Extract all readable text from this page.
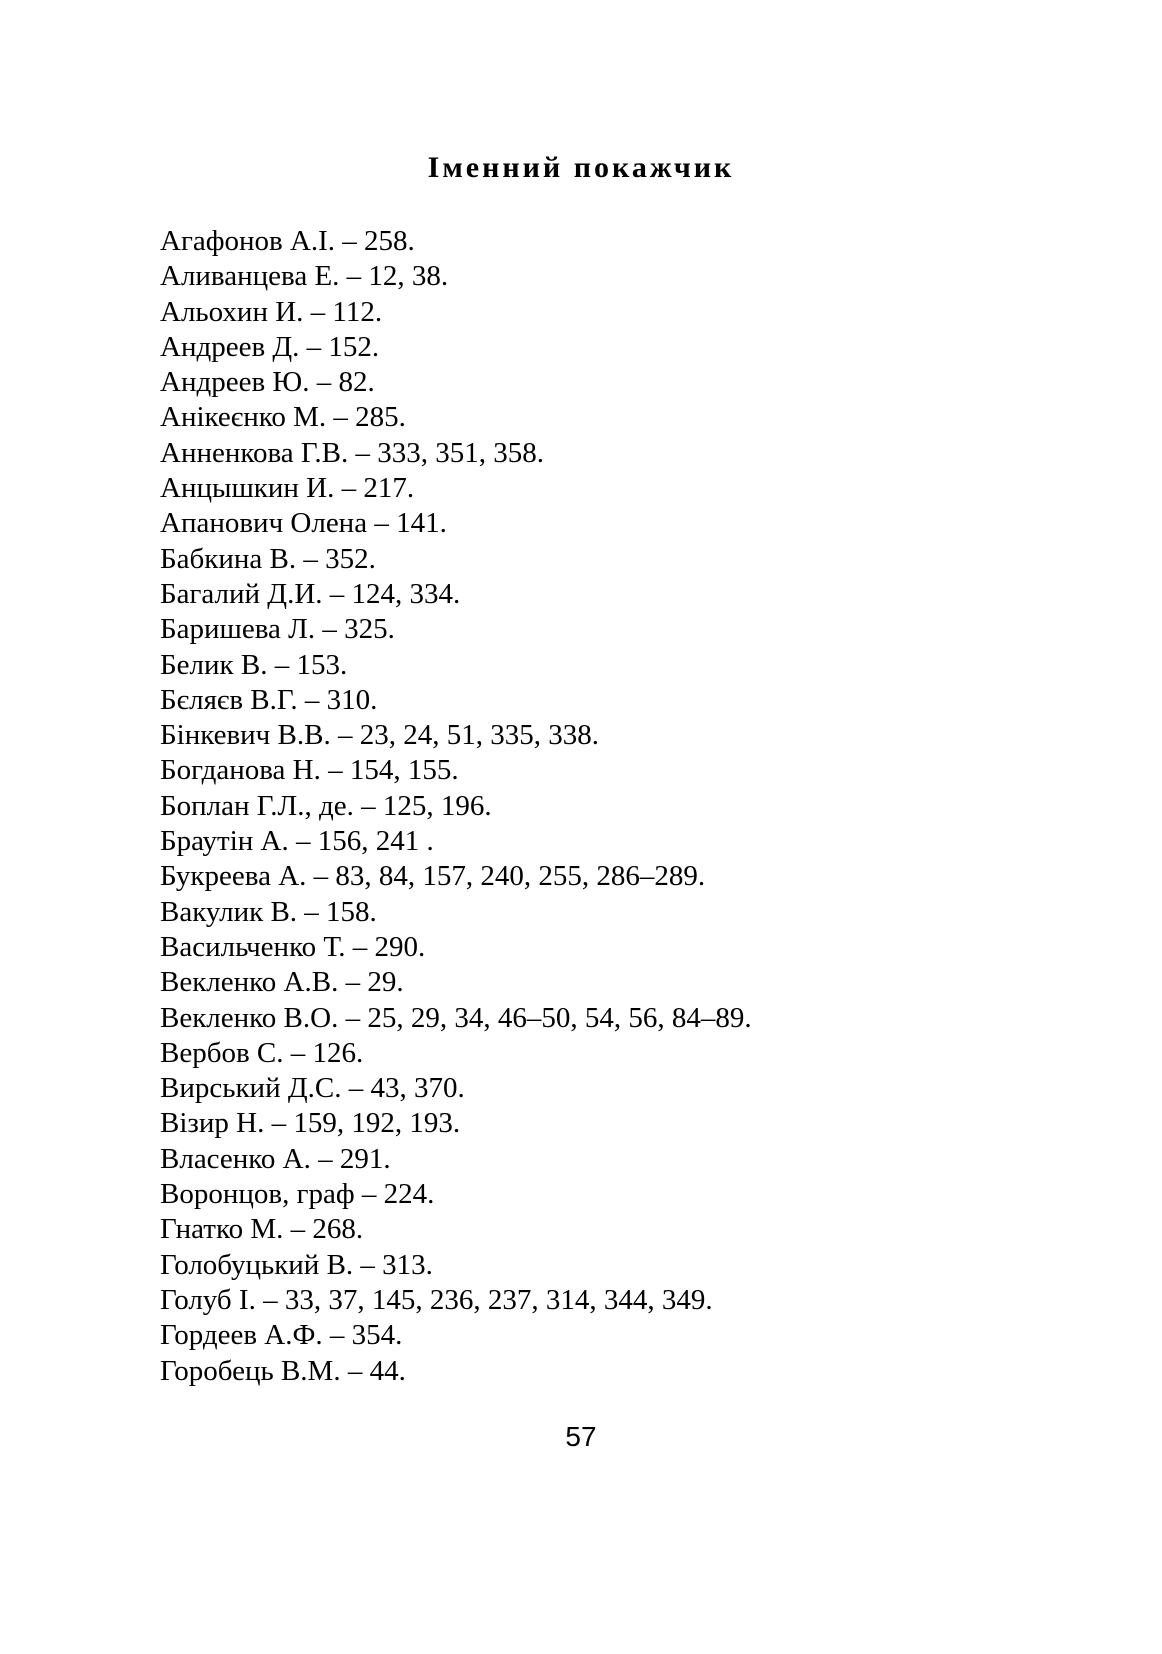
Іменний покажчик
Агафонов А.І. – 258.
Аливанцева Е. – 12, 38.
Альохин И. – 112.
Андреев Д. – 152.
Андреев Ю. – 82.
Анікеєнко М. – 285.
Анненкова Г.В. – 333, 351, 358.
Анцышкин И. – 217.
Апанович Олена – 141.
Бабкина В. – 352.
Багалий Д.И. – 124, 334.
Баришева Л. – 325.
Белик В. – 153.
Бєляєв В.Г. – 310.
Бінкевич В.В. – 23, 24, 51, 335, 338.
Богданова Н. – 154, 155.
Боплан Г.Л., де. – 125, 196.
Браутін А. – 156, 241 .
Букреева А. – 83, 84, 157, 240, 255, 286–289.
Вакулик В. – 158.
Васильченко Т. – 290.
Векленко А.В. – 29.
Векленко В.О. – 25, 29, 34, 46–50, 54, 56, 84–89.
Вербов С. – 126.
Вирський Д.С. – 43, 370.
Візир Н. – 159, 192, 193.
Власенко А. – 291.
Воронцов, граф – 224.
Гнатко М. – 268.
Голобуцький В. – 313.
Голуб І. – 33, 37, 145, 236, 237, 314, 344, 349.
Гордеев А.Ф. – 354.
Горобець В.М. – 44.
57
